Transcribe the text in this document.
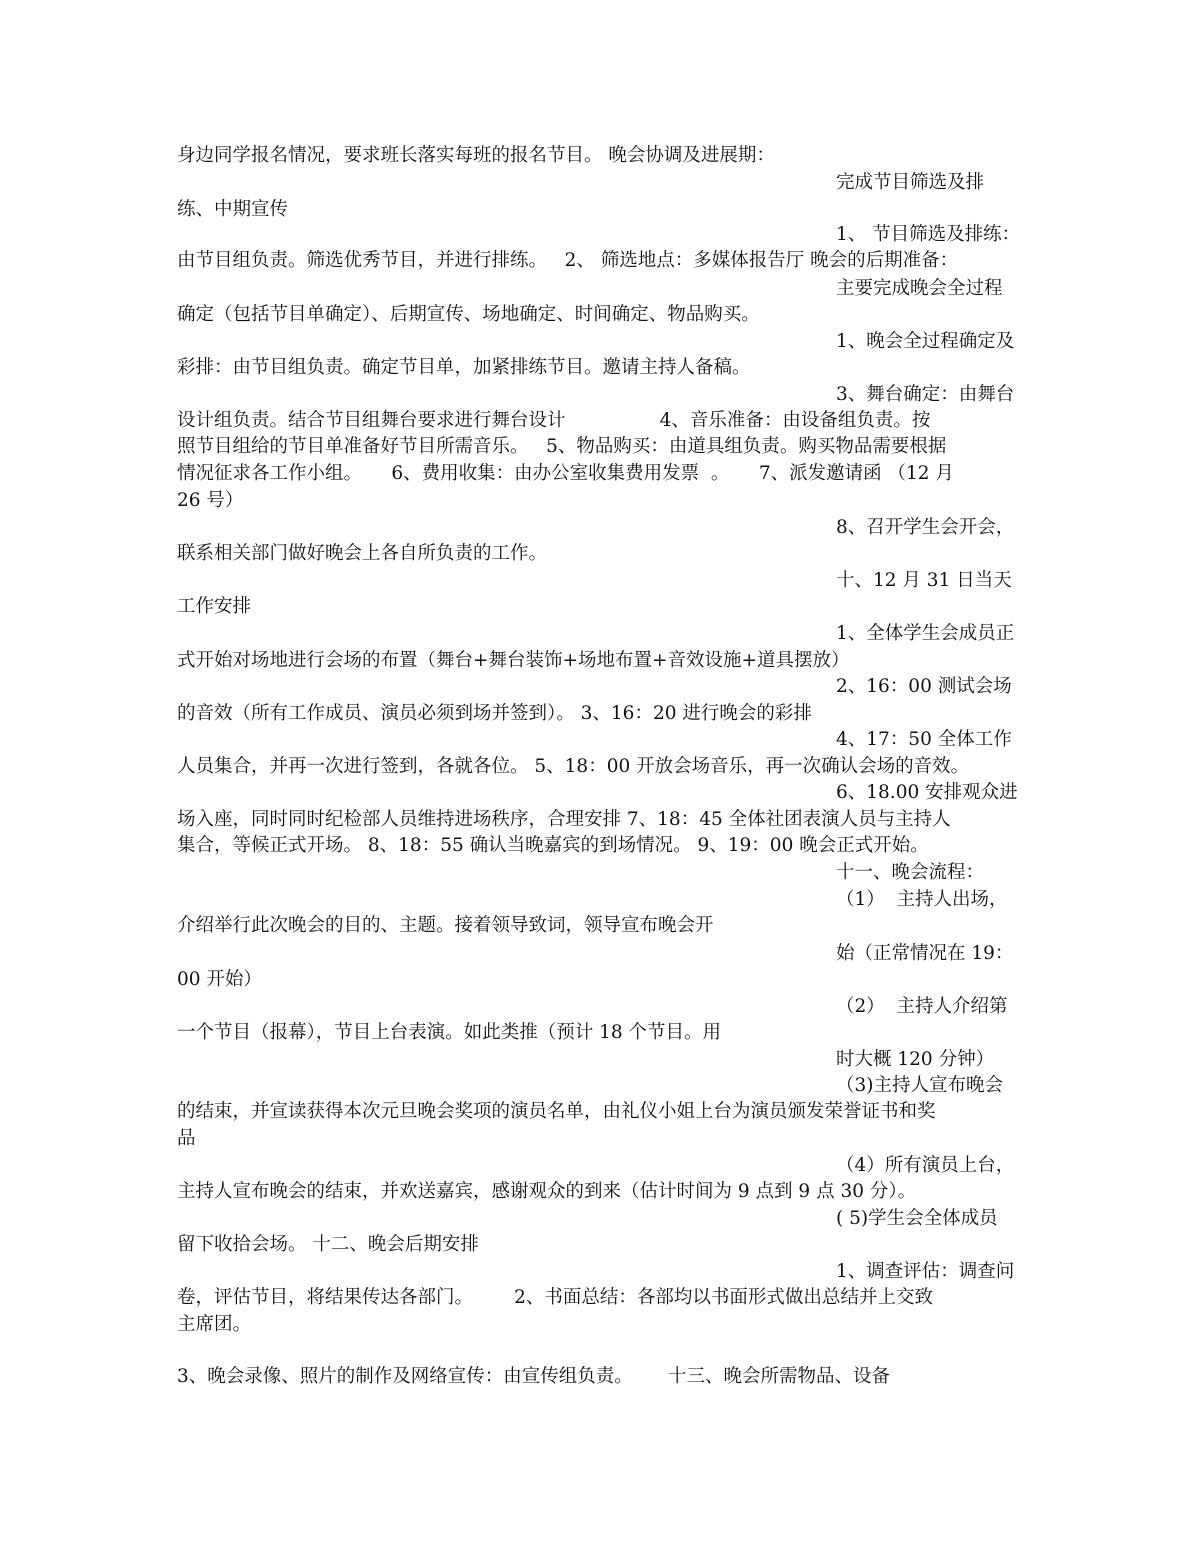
身边同学报名情况，要求班长落实每班的报名节目。 晚会协调及进展期：

完成节目筛选及排

练、中期宣传

1、 节目筛选及排练：

由节目组负责。筛选优秀节目，并进行排练。   2、 筛选地点：多媒体报告厅 晚会的后期准备：

主要完成晚会全过程

确定（包括节目单确定）、后期宣传、场地确定、时间确定、物品购买。

1、晚会全过程确定及

彩排：由节目组负责。确定节目单，加紧排练节目。邀请主持人备稿。

3、舞台确定：由舞台

设计组负责。结合节目组舞台要求进行舞台设计                4、音乐准备：由设备组负责。按

照节目组给的节目单准备好节目所需音乐。   5、物品购买：由道具组负责。购买物品需要根据

情况征求各工作小组。     6、费用收集：由办公室收集费用发票  。     7、派发邀请函 （12 月

26 号）

8、召开学生会开会，

联系相关部门做好晚会上各自所负责的工作。

十、12 月 31 日当天

工作安排

1、全体学生会成员正

式开始对场地进行会场的布置（舞台+舞台装饰+场地布置+音效设施+道具摆放）

2、16：00 测试会场

的音效（所有工作成员、演员必须到场并签到）。 3、16：20 进行晚会的彩排

4、17：50 全体工作

人员集合，并再一次进行签到，各就各位。 5、18：00 开放会场音乐，再一次确认会场的音效。

6、18.00 安排观众进

场入座，同时同时纪检部人员维持进场秩序，合理安排 7、18：45 全体社团表演人员与主持人

集合，等候正式开场。 8、18：55 确认当晚嘉宾的到场情况。 9、19：00 晚会正式开始。

十一、晚会流程：

（1）  主持人出场，

介绍举行此次晚会的目的、主题。接着领导致词，领导宣布晚会开

始（正常情况在 19：

00 开始）

（2）  主持人介绍第

一个节目（报幕），节目上台表演。如此类推（预计 18 个节目。用

时大概 120 分钟）

（3)主持人宣布晚会

的结束，并宣读获得本次元旦晚会奖项的演员名单，由礼仪小姐上台为演员颁发荣誉证书和奖

品

（4）所有演员上台，

主持人宣布晚会的结束，并欢送嘉宾，感谢观众的到来（估计时间为 9 点到 9 点 30 分）。

( 5)学生会全体成员

留下收拾会场。 十二、晚会后期安排

1、调查评估：调查问

卷，评估节目，将结果传达各部门。       2、书面总结：各部均以书面形式做出总结并上交致

主席团。

3、晚会录像、照片的制作及网络宣传：由宣传组负责。      十三、晚会所需物品、设备
